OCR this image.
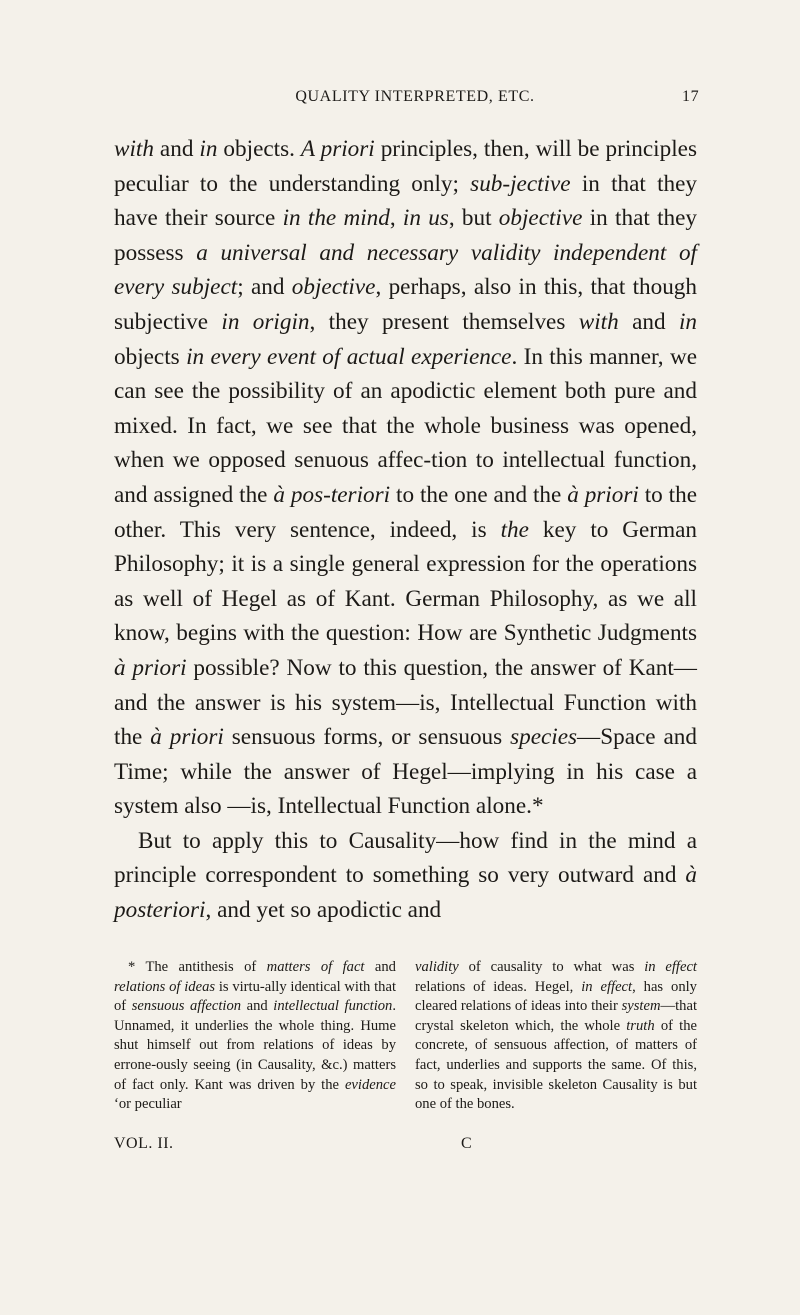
QUALITY INTERPRETED, ETC.	17

with and in objects. A priori principles, then, will be principles peculiar to the understanding only; sub-jective in that they have their source in the mind, in us, but objective in that they possess a universal and necessary validity independent of every subject; and objective, perhaps, also in this, that though subjective in origin, they present themselves with and in objects in every event of actual experience. In this manner, we can see the possibility of an apodictic element both pure and mixed. In fact, we see that the whole business was opened, when we opposed senuous affec-tion to intellectual function, and assigned the à pos-teriori to the one and the à priori to the other. This very sentence, indeed, is the key to German Philosophy; it is a single general expression for the operations as well of Hegel as of Kant. German Philosophy, as we all know, begins with the question: How are Synthetic Judgments à priori possible? Now to this question, the answer of Kant—and the answer is his system—is, Intellectual Function with the à priori sensuous forms, or sensuous species—Space and Time; while the answer of Hegel—implying in his case a system also —is, Intellectual Function alone.*

But to apply this to Causality—how find in the mind a principle correspondent to something so very outward and à posteriori, and yet so apodictic and

* The antithesis of matters of fact and relations of ideas is virtu-ally identical with that of sensuous affection and intellectual function. Unnamed, it underlies the whole thing. Hume shut himself out from relations of ideas by errone-ously seeing (in Causality, &c.) matters of fact only. Kant was driven by the evidence ‘or peculiar

validity of causality to what was in effect relations of ideas. Hegel, in effect, has only cleared relations of ideas into their system—that crystal skeleton which, the whole truth of the concrete, of sensuous affection, of matters of fact, underlies and supports the same. Of this, so to speak, invisible skeleton Causality is but one of the bones.

VOL. II.	C
